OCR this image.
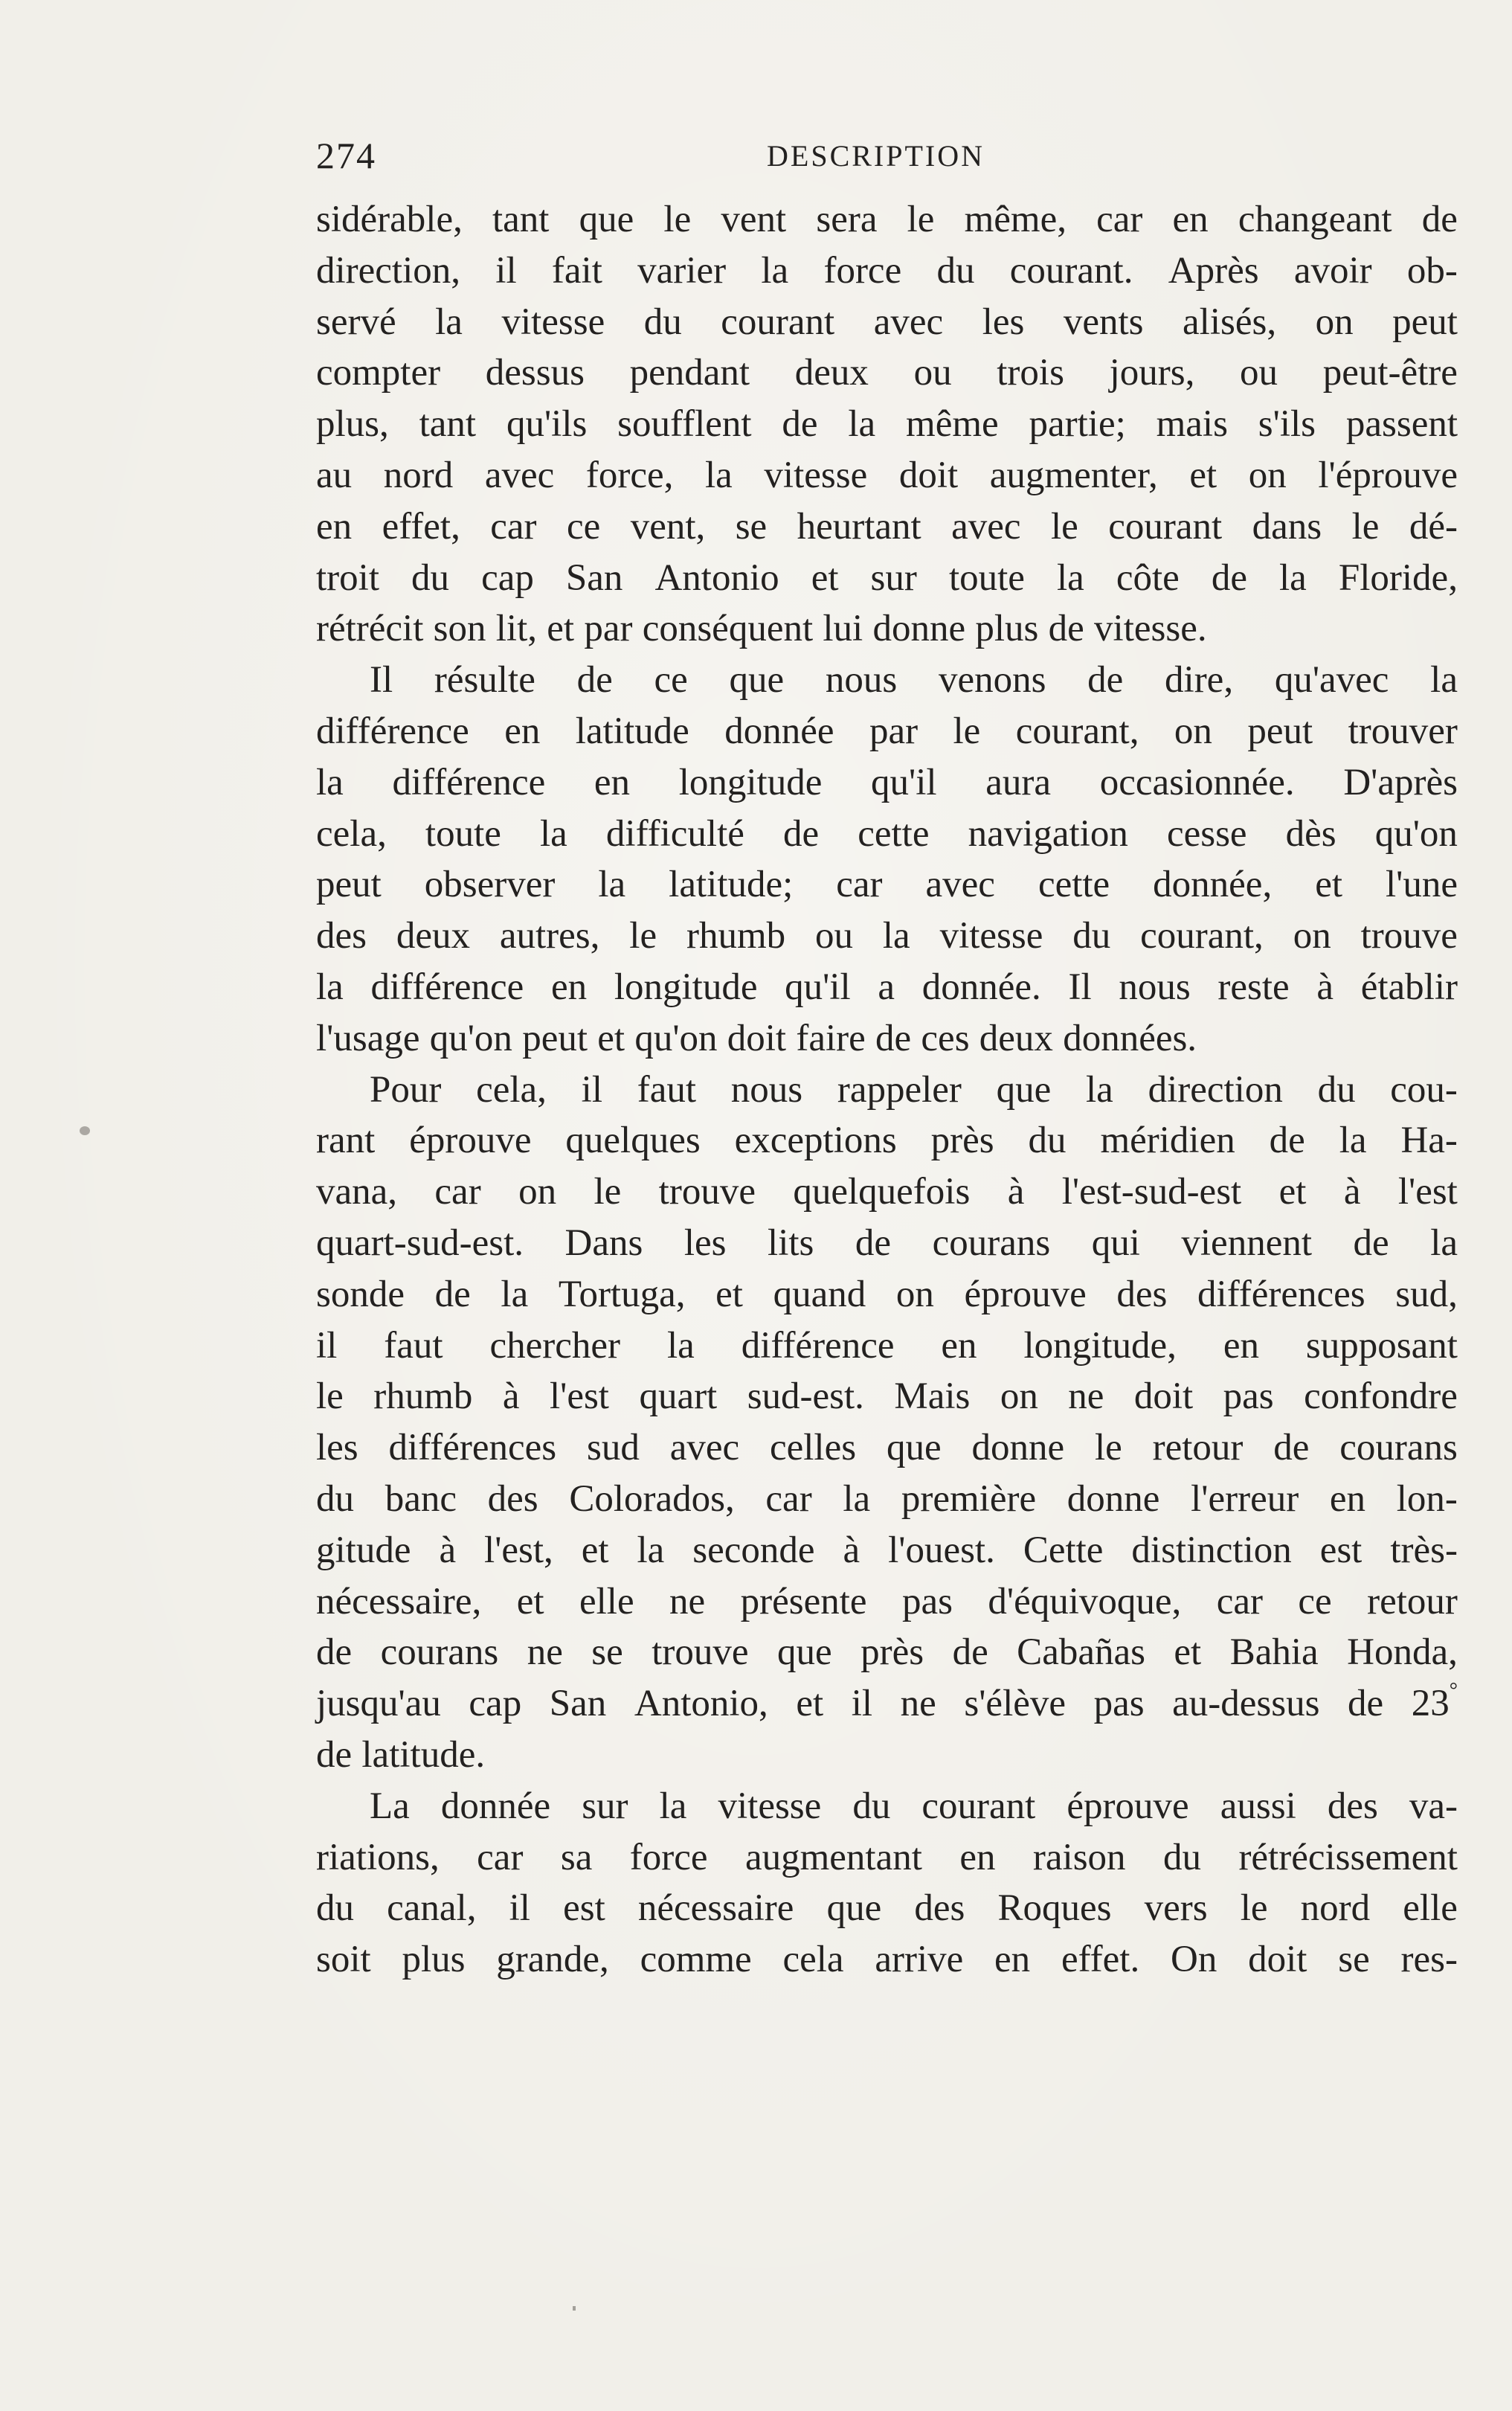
274	DESCRIPTION
sidérable, tant que le vent sera le même, car en changeant de
direction, il fait varier la force du courant. Après avoir ob-
servé la vitesse du courant avec les vents alisés, on peut
compter dessus pendant deux ou trois jours, ou peut-être
plus, tant qu'ils soufflent de la même partie; mais s'ils passent
au nord avec force, la vitesse doit augmenter, et on l'éprouve
en effet, car ce vent, se heurtant avec le courant dans le dé-
troit du cap San Antonio et sur toute la côte de la Floride,
rétrécit son lit, et par conséquent lui donne plus de vitesse.
Il résulte de ce que nous venons de dire, qu'avec la
différence en latitude donnée par le courant, on peut trouver
la différence en longitude qu'il aura occasionnée. D'après
cela, toute la difficulté de cette navigation cesse dès qu'on
peut observer la latitude; car avec cette donnée, et l'une
des deux autres, le rhumb ou la vitesse du courant, on trouve
la différence en longitude qu'il a donnée. Il nous reste à établir
l'usage qu'on peut et qu'on doit faire de ces deux données.
Pour cela, il faut nous rappeler que la direction du cou-
rant éprouve quelques exceptions près du méridien de la Ha-
vana, car on le trouve quelquefois à l'est-sud-est et à l'est
quart-sud-est. Dans les lits de courans qui viennent de la
sonde de la Tortuga, et quand on éprouve des différences sud,
il faut chercher la différence en longitude, en supposant
le rhumb à l'est quart sud-est. Mais on ne doit pas confondre
les différences sud avec celles que donne le retour de courans
du banc des Colorados, car la première donne l'erreur en lon-
gitude à l'est, et la seconde à l'ouest. Cette distinction est très-
nécessaire, et elle ne présente pas d'équivoque, car ce retour
de courans ne se trouve que près de Cabañas et Bahia Honda,
jusqu'au cap San Antonio, et il ne s'élève pas au-dessus de 23°
de latitude.
La donnée sur la vitesse du courant éprouve aussi des va-
riations, car sa force augmentant en raison du rétrécissement
du canal, il est nécessaire que des Roques vers le nord elle
soit plus grande, comme cela arrive en effet. On doit se res-
